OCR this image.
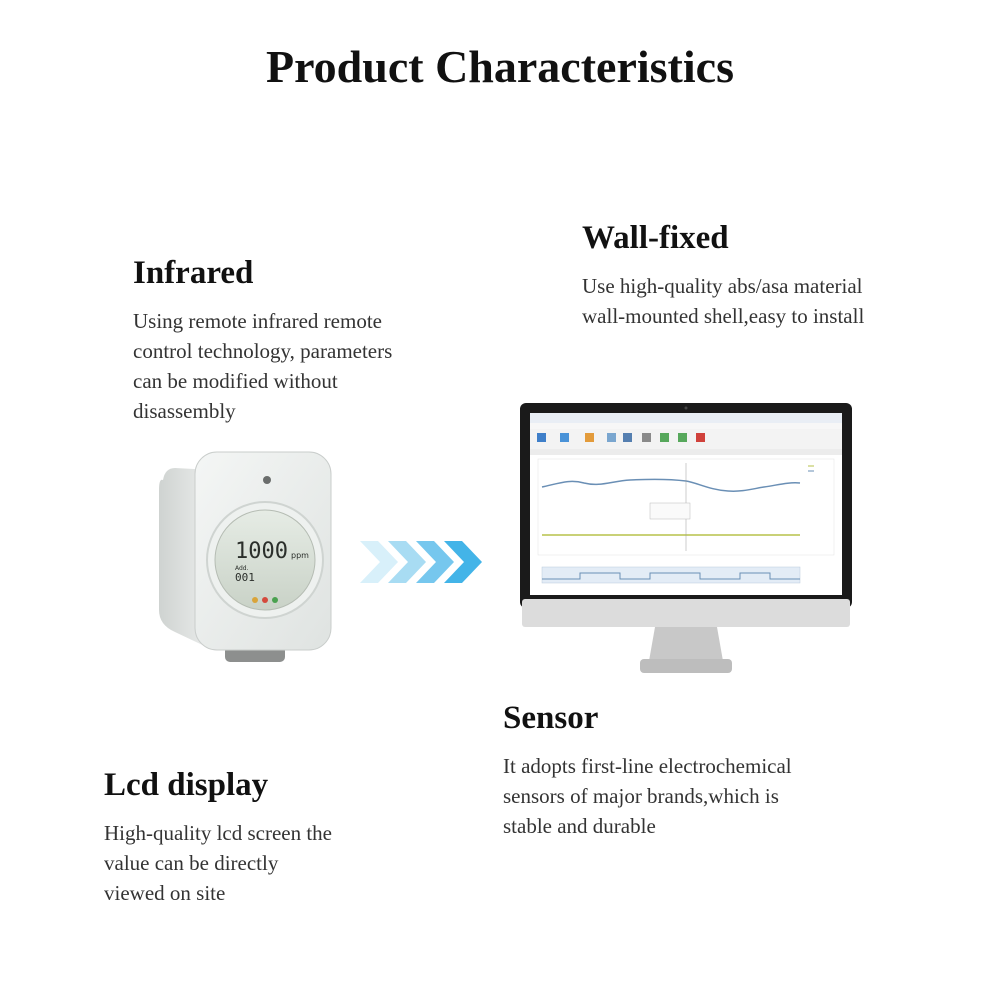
Product Characteristics
Infrared

Using remote infrared remote
control technology, parameters
can be modified without
disassembly

Wall-fixed

Use high-quality abs/asa material
wall-mounted shell,easy to install

Sensor

It adopts first-line electrochemical
sensors of major brands,which is
stable and durable

Lcd display

High-quality lcd screen the
value can be directly
viewed on site

1000 ppm
Add.
001
